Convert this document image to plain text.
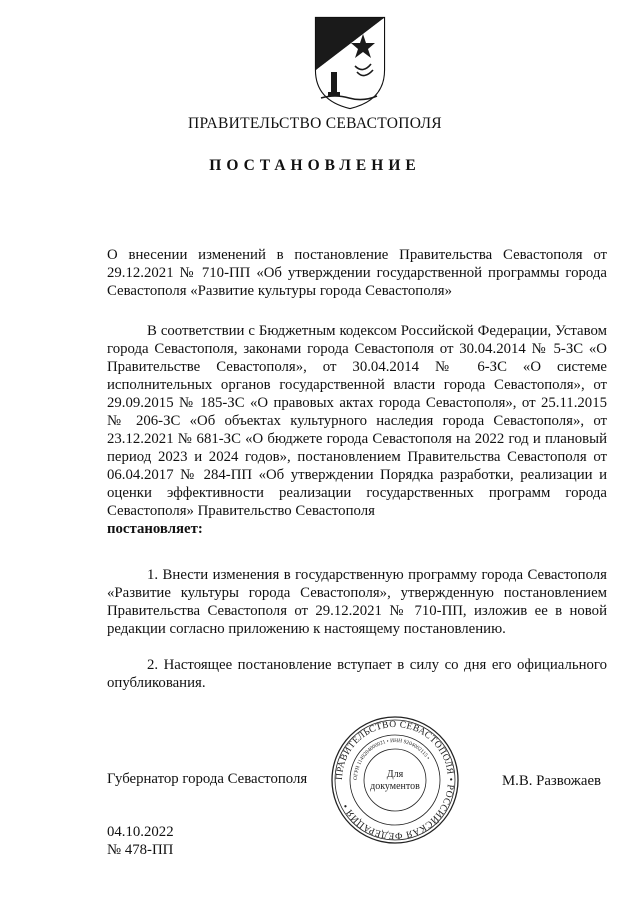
ПРАВИТЕЛЬСТВО СЕВАСТОПОЛЯ
ПОСТАНОВЛЕНИЕ
О внесении изменений в постановление Правительства Севастополя от 29.12.2021 № 710-ПП «Об утверждении государственной программы города Севастополя «Развитие культуры города Севастополя»
В соответствии с Бюджетным кодексом Российской Федерации, Уставом города Севастополя, законами города Севастополя от 30.04.2014 № 5-ЗС «О Правительстве Севастополя», от 30.04.2014 № 6-ЗС «О системе исполнительных органов государственной власти города Севастополя», от 29.09.2015 № 185-ЗС «О правовых актах города Севастополя», от 25.11.2015 № 206-ЗС «Об объектах культурного наследия города Севастополя», от 23.12.2021 № 681-ЗС «О бюджете города Севастополя на 2022 год и плановый период 2023 и 2024 годов», постановлением Правительства Севастополя от 06.04.2017 № 284-ПП «Об утверждении Порядка разработки, реализации и оценки эффективности реализации государственных программ города Севастополя» Правительство Севастополя
постановляет:
1. Внести изменения в государственную программу города Севастополя «Развитие культуры города Севастополя», утвержденную постановлением Правительства Севастополя от 29.12.2021 № 710-ПП, изложив ее в новой редакции согласно приложению к настоящему постановлению.
2. Настоящее постановление вступает в силу со дня его официального опубликования.
Губернатор города Севастополя	М.В. Развожаев
ПРАВИТЕЛЬСТВО СЕВАСТОПОЛЯ • РОССИЙСКАЯ ФЕДЕРАЦИЯ •
ОГРН 1149204000021 • ИНН 9204002115 •
Для
документов
04.10.2022
№ 478-ПП
